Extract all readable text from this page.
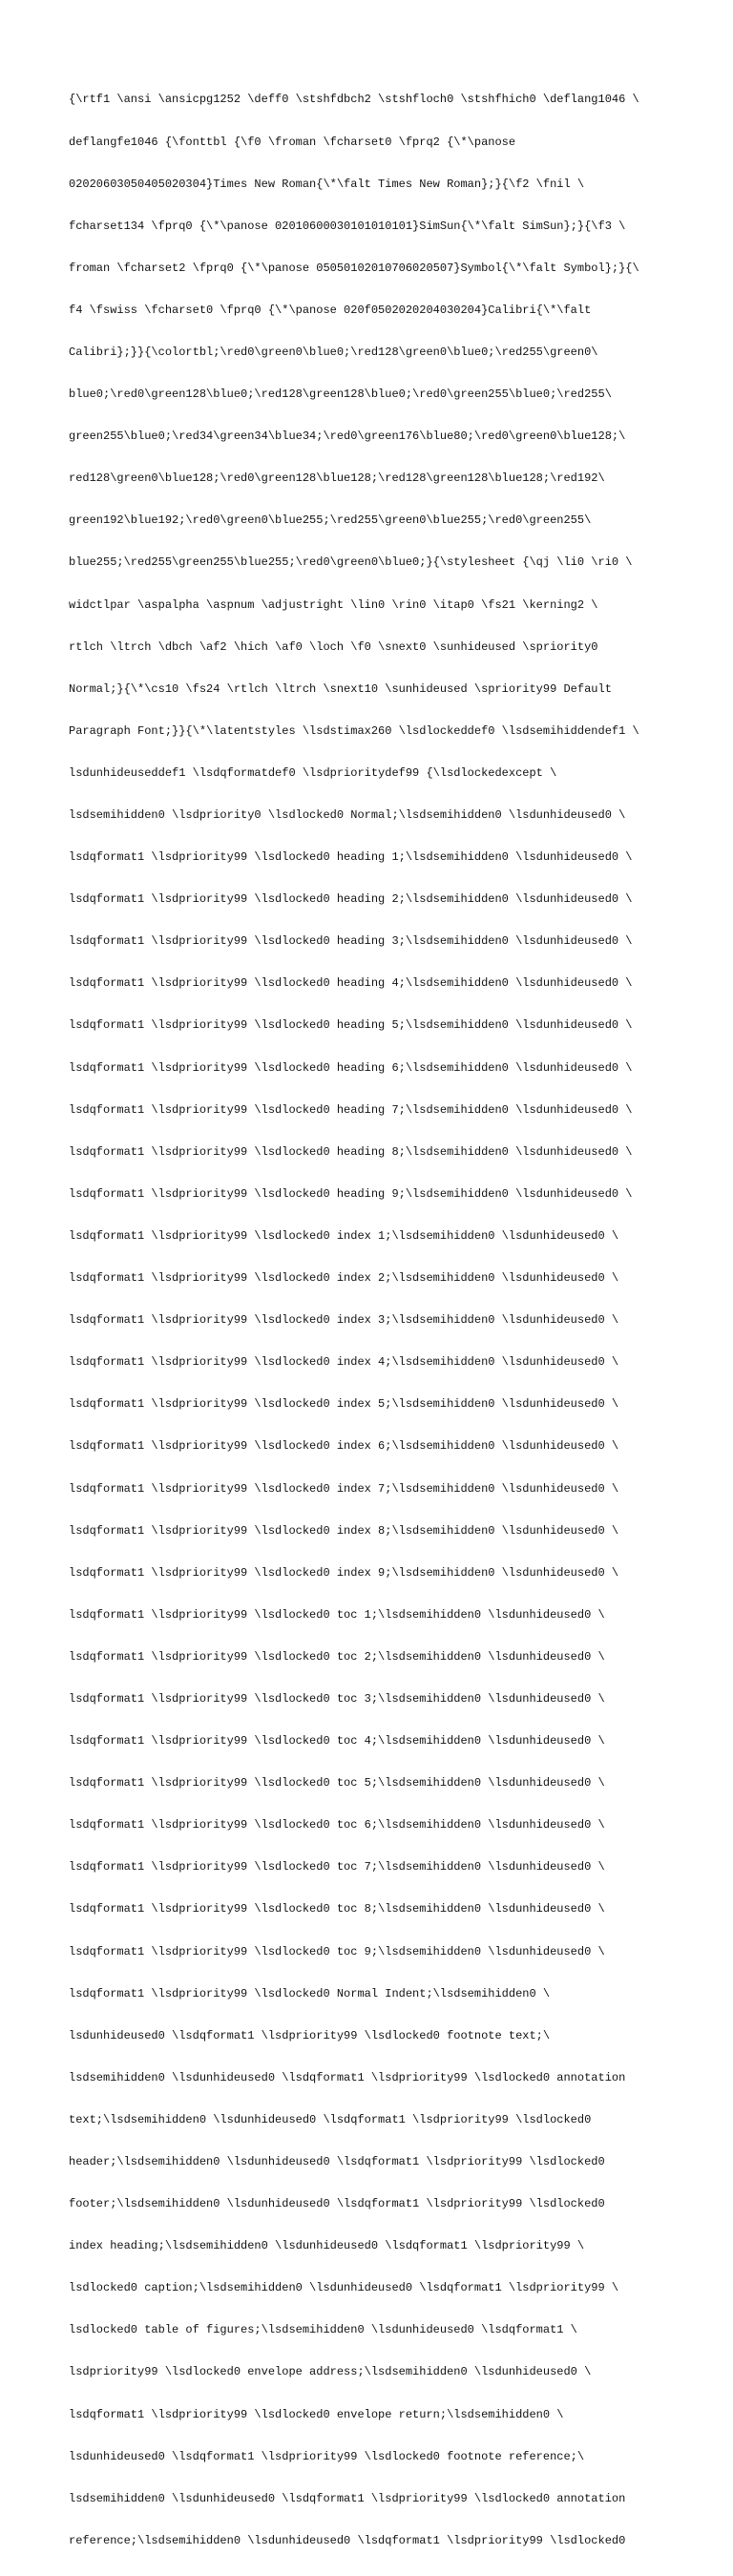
{\rtf1 \ansi \ansicpg1252 \deff0 \stshfdbch2 \stshfloch0 \stshfhich0 \deflang1046 \

deflangfe1046 {\fonttbl {\f0 \froman \fcharset0 \fprq2 {\*\panose

02020603050405020304}Times New Roman{\*\falt Times New Roman};}{\f2 \fnil \

fcharset134 \fprq0 {\*\panose 02010600030101010101}SimSun{\*\falt SimSun};}{\f3 \

froman \fcharset2 \fprq0 {\*\panose 05050102010706020507}Symbol{\*\falt Symbol};}{\

f4 \fswiss \fcharset0 \fprq0 {\*\panose 020f0502020204030204}Calibri{\*\falt

Calibri};}}{\colortbl;\red0\green0\blue0;\red128\green0\blue0;\red255\green0\

blue0;\red0\green128\blue0;\red128\green128\blue0;\red0\green255\blue0;\red255\

green255\blue0;\red34\green34\blue34;\red0\green176\blue80;\red0\green0\blue128;\

red128\green0\blue128;\red0\green128\blue128;\red128\green128\blue128;\red192\

green192\blue192;\red0\green0\blue255;\red255\green0\blue255;\red0\green255\

blue255;\red255\green255\blue255;\red0\green0\blue0;}{\stylesheet {\qj \li0 \ri0 \

widctlpar \aspalpha \aspnum \adjustright \lin0 \rin0 \itap0 \fs21 \kerning2 \

rtlch \ltrch \dbch \af2 \hich \af0 \loch \f0 \snext0 \sunhideused \spriority0

Normal;}{\*\cs10 \fs24 \rtlch \ltrch \snext10 \sunhideused \spriority99 Default

Paragraph Font;}}{\*\latentstyles \lsdstimax260 \lsdlockeddef0 \lsdsemihiddendef1 \

lsdunhideuseddef1 \lsdqformatdef0 \lsdprioritydef99 {\lsdlockedexcept \

lsdsemihidden0 \lsdpriority0 \lsdlocked0 Normal;\lsdsemihidden0 \lsdunhideused0 \

lsdqformat1 \lsdpriority99 \lsdlocked0 heading 1;\lsdsemihidden0 \lsdunhideused0 \

lsdqformat1 \lsdpriority99 \lsdlocked0 heading 2;\lsdsemihidden0 \lsdunhideused0 \

lsdqformat1 \lsdpriority99 \lsdlocked0 heading 3;\lsdsemihidden0 \lsdunhideused0 \

lsdqformat1 \lsdpriority99 \lsdlocked0 heading 4;\lsdsemihidden0 \lsdunhideused0 \

lsdqformat1 \lsdpriority99 \lsdlocked0 heading 5;\lsdsemihidden0 \lsdunhideused0 \

lsdqformat1 \lsdpriority99 \lsdlocked0 heading 6;\lsdsemihidden0 \lsdunhideused0 \

lsdqformat1 \lsdpriority99 \lsdlocked0 heading 7;\lsdsemihidden0 \lsdunhideused0 \

lsdqformat1 \lsdpriority99 \lsdlocked0 heading 8;\lsdsemihidden0 \lsdunhideused0 \

lsdqformat1 \lsdpriority99 \lsdlocked0 heading 9;\lsdsemihidden0 \lsdunhideused0 \

lsdqformat1 \lsdpriority99 \lsdlocked0 index 1;\lsdsemihidden0 \lsdunhideused0 \

lsdqformat1 \lsdpriority99 \lsdlocked0 index 2;\lsdsemihidden0 \lsdunhideused0 \

lsdqformat1 \lsdpriority99 \lsdlocked0 index 3;\lsdsemihidden0 \lsdunhideused0 \

lsdqformat1 \lsdpriority99 \lsdlocked0 index 4;\lsdsemihidden0 \lsdunhideused0 \

lsdqformat1 \lsdpriority99 \lsdlocked0 index 5;\lsdsemihidden0 \lsdunhideused0 \

lsdqformat1 \lsdpriority99 \lsdlocked0 index 6;\lsdsemihidden0 \lsdunhideused0 \

lsdqformat1 \lsdpriority99 \lsdlocked0 index 7;\lsdsemihidden0 \lsdunhideused0 \

lsdqformat1 \lsdpriority99 \lsdlocked0 index 8;\lsdsemihidden0 \lsdunhideused0 \

lsdqformat1 \lsdpriority99 \lsdlocked0 index 9;\lsdsemihidden0 \lsdunhideused0 \

lsdqformat1 \lsdpriority99 \lsdlocked0 toc 1;\lsdsemihidden0 \lsdunhideused0 \

lsdqformat1 \lsdpriority99 \lsdlocked0 toc 2;\lsdsemihidden0 \lsdunhideused0 \

lsdqformat1 \lsdpriority99 \lsdlocked0 toc 3;\lsdsemihidden0 \lsdunhideused0 \

lsdqformat1 \lsdpriority99 \lsdlocked0 toc 4;\lsdsemihidden0 \lsdunhideused0 \

lsdqformat1 \lsdpriority99 \lsdlocked0 toc 5;\lsdsemihidden0 \lsdunhideused0 \

lsdqformat1 \lsdpriority99 \lsdlocked0 toc 6;\lsdsemihidden0 \lsdunhideused0 \

lsdqformat1 \lsdpriority99 \lsdlocked0 toc 7;\lsdsemihidden0 \lsdunhideused0 \

lsdqformat1 \lsdpriority99 \lsdlocked0 toc 8;\lsdsemihidden0 \lsdunhideused0 \

lsdqformat1 \lsdpriority99 \lsdlocked0 toc 9;\lsdsemihidden0 \lsdunhideused0 \

lsdqformat1 \lsdpriority99 \lsdlocked0 Normal Indent;\lsdsemihidden0 \

lsdunhideused0 \lsdqformat1 \lsdpriority99 \lsdlocked0 footnote text;\

lsdsemihidden0 \lsdunhideused0 \lsdqformat1 \lsdpriority99 \lsdlocked0 annotation

text;\lsdsemihidden0 \lsdunhideused0 \lsdqformat1 \lsdpriority99 \lsdlocked0

header;\lsdsemihidden0 \lsdunhideused0 \lsdqformat1 \lsdpriority99 \lsdlocked0

footer;\lsdsemihidden0 \lsdunhideused0 \lsdqformat1 \lsdpriority99 \lsdlocked0

index heading;\lsdsemihidden0 \lsdunhideused0 \lsdqformat1 \lsdpriority99 \

lsdlocked0 caption;\lsdsemihidden0 \lsdunhideused0 \lsdqformat1 \lsdpriority99 \

lsdlocked0 table of figures;\lsdsemihidden0 \lsdunhideused0 \lsdqformat1 \

lsdpriority99 \lsdlocked0 envelope address;\lsdsemihidden0 \lsdunhideused0 \

lsdqformat1 \lsdpriority99 \lsdlocked0 envelope return;\lsdsemihidden0 \

lsdunhideused0 \lsdqformat1 \lsdpriority99 \lsdlocked0 footnote reference;\

lsdsemihidden0 \lsdunhideused0 \lsdqformat1 \lsdpriority99 \lsdlocked0 annotation

reference;\lsdsemihidden0 \lsdunhideused0 \lsdqformat1 \lsdpriority99 \lsdlocked0
